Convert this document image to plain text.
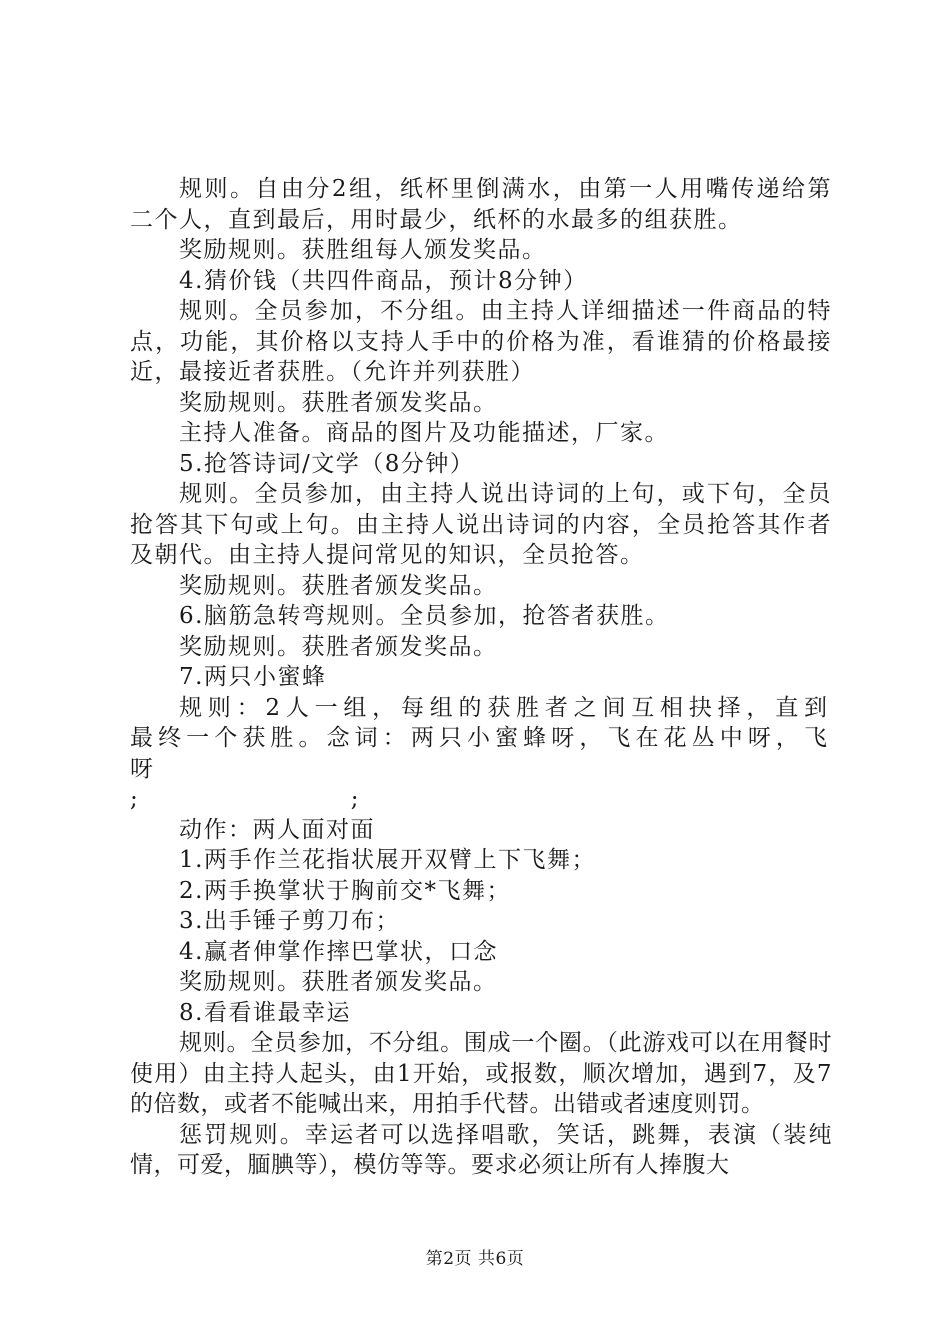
规则。自由分2组，纸杯里倒满水，由第一人用嘴传递给第二个人，直到最后，用时最少，纸杯的水最多的组获胜。

奖励规则。获胜组每人颁发奖品。

4.猜价钱（共四件商品，预计8分钟）

规则。全员参加，不分组。由主持人详细描述一件商品的特点，功能，其价格以支持人手中的价格为准，看谁猜的价格最接近，最接近者获胜。（允许并列获胜）

奖励规则。获胜者颁发奖品。

主持人准备。商品的图片及功能描述，厂家。

5.抢答诗词/文学（8分钟）

规则。全员参加，由主持人说出诗词的上句，或下句，全员抢答其下句或上句。由主持人说出诗词的内容，全员抢答其作者及朝代。由主持人提问常见的知识，全员抢答。

奖励规则。获胜者颁发奖品。

6.脑筋急转弯规则。全员参加，抢答者获胜。

奖励规则。获胜者颁发奖品。

7.两只小蜜蜂

规则：2人一组，每组的获胜者之间互相抉择，直到最终一个获胜。念词：两只小蜜蜂呀，飞在花丛中呀，飞呀

;                        ;

动作：两人面对面

1.两手作兰花指状展开双臂上下飞舞；

2.两手换掌状于胸前交*飞舞；

3.出手锤子剪刀布；

4.赢者伸掌作摔巴掌状，口念

奖励规则。获胜者颁发奖品。

8.看看谁最幸运

规则。全员参加，不分组。围成一个圈。（此游戏可以在用餐时使用）由主持人起头，由1开始，或报数，顺次增加，遇到7，及7的倍数，或者不能喊出来，用拍手代替。出错或者速度则罚。

惩罚规则。幸运者可以选择唱歌，笑话，跳舞，表演（装纯情，可爱，腼腆等），模仿等等。要求必须让所有人捧腹大

第2页 共6页
